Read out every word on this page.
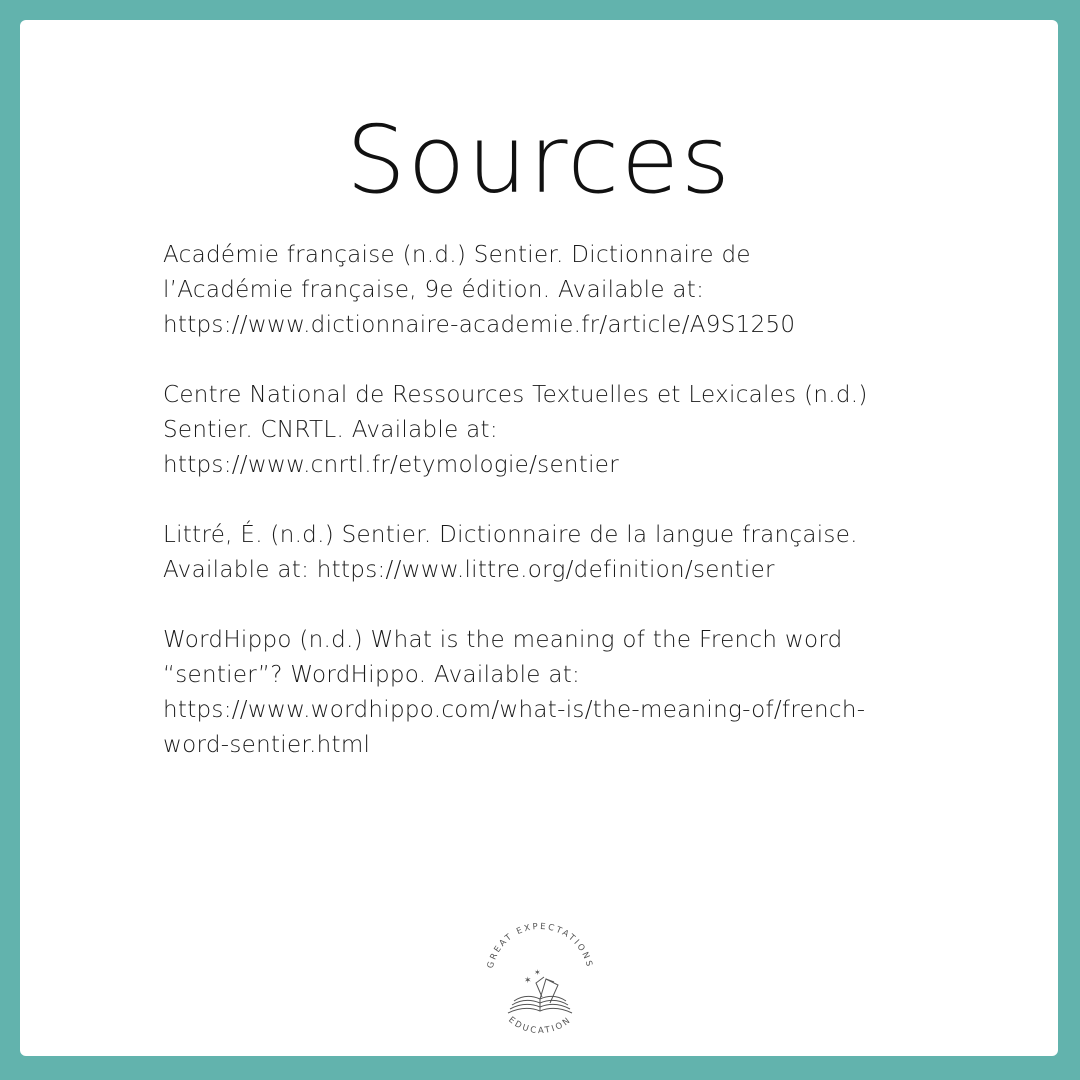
Sources
Académie française (n.d.) Sentier. Dictionnaire de
l’Académie française, 9e édition. Available at:
https://www.dictionnaire-academie.fr/article/A9S1250
Centre National de Ressources Textuelles et Lexicales (n.d.)
Sentier. CNRTL. Available at:
https://www.cnrtl.fr/etymologie/sentier
Littré, É. (n.d.) Sentier. Dictionnaire de la langue française.
Available at: https://www.littre.org/definition/sentier
WordHippo (n.d.) What is the meaning of the French word
“sentier”? WordHippo. Available at:
https://www.wordhippo.com/what-is/the-meaning-of/french-
word-sentier.html
GREAT EXPECTATIONS
EDUCATION
✶
✶
